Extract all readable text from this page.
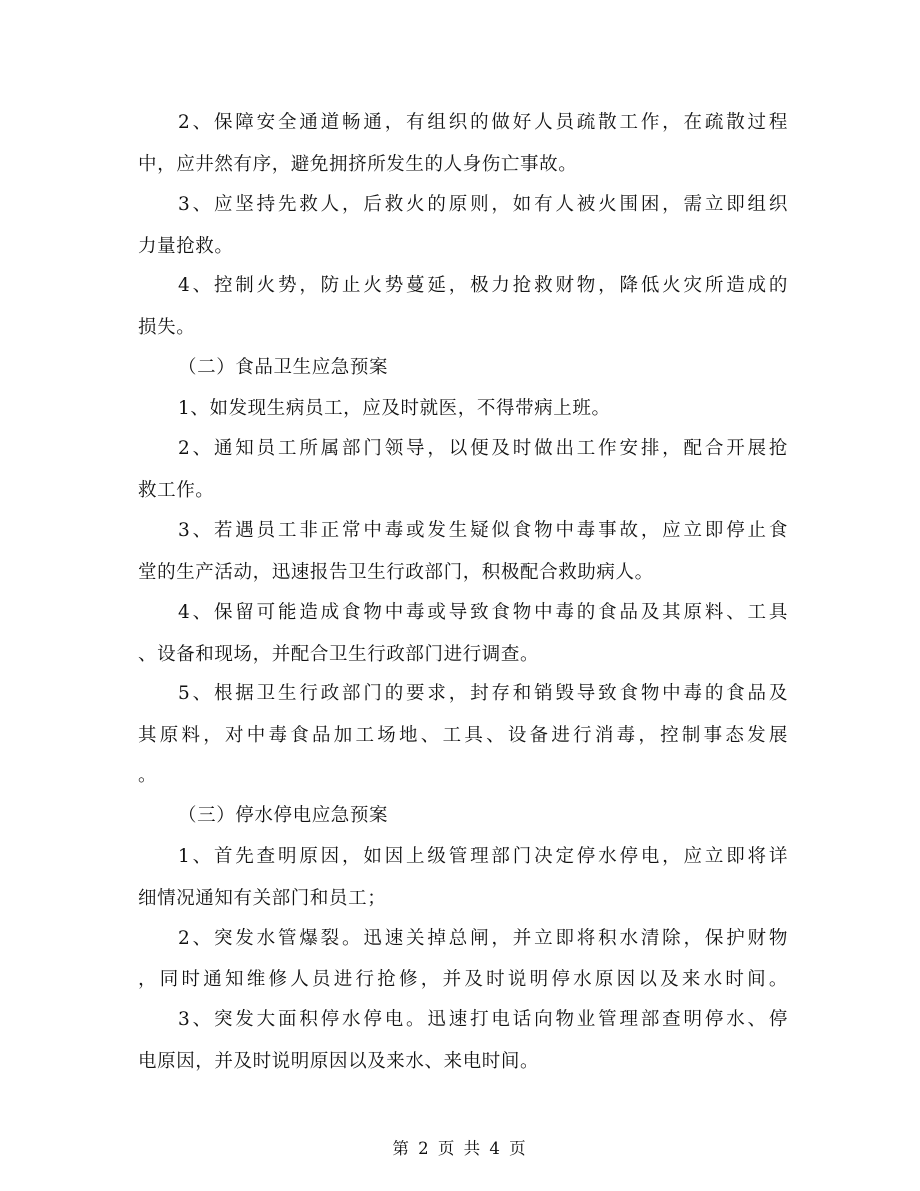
2、保障安全通道畅通，有组织的做好人员疏散工作，在疏散过程
中，应井然有序，避免拥挤所发生的人身伤亡事故。
3、应坚持先救人，后救火的原则，如有人被火围困，需立即组织
力量抢救。
4、控制火势，防止火势蔓延，极力抢救财物，降低火灾所造成的
损失。
（二）食品卫生应急预案
1、如发现生病员工，应及时就医，不得带病上班。
2、通知员工所属部门领导，以便及时做出工作安排，配合开展抢
救工作。
3、若遇员工非正常中毒或发生疑似食物中毒事故，应立即停止食
堂的生产活动，迅速报告卫生行政部门，积极配合救助病人。
4、保留可能造成食物中毒或导致食物中毒的食品及其原料、工具
、设备和现场，并配合卫生行政部门进行调查。
5、根据卫生行政部门的要求，封存和销毁导致食物中毒的食品及
其原料，对中毒食品加工场地、工具、设备进行消毒，控制事态发展
。
（三）停水停电应急预案
1、首先查明原因，如因上级管理部门决定停水停电，应立即将详
细情况通知有关部门和员工；
2、突发水管爆裂。迅速关掉总闸，并立即将积水清除，保护财物
，同时通知维修人员进行抢修，并及时说明停水原因以及来水时间。
3、突发大面积停水停电。迅速打电话向物业管理部查明停水、停
电原因，并及时说明原因以及来水、来电时间。
第 2 页 共 4 页
